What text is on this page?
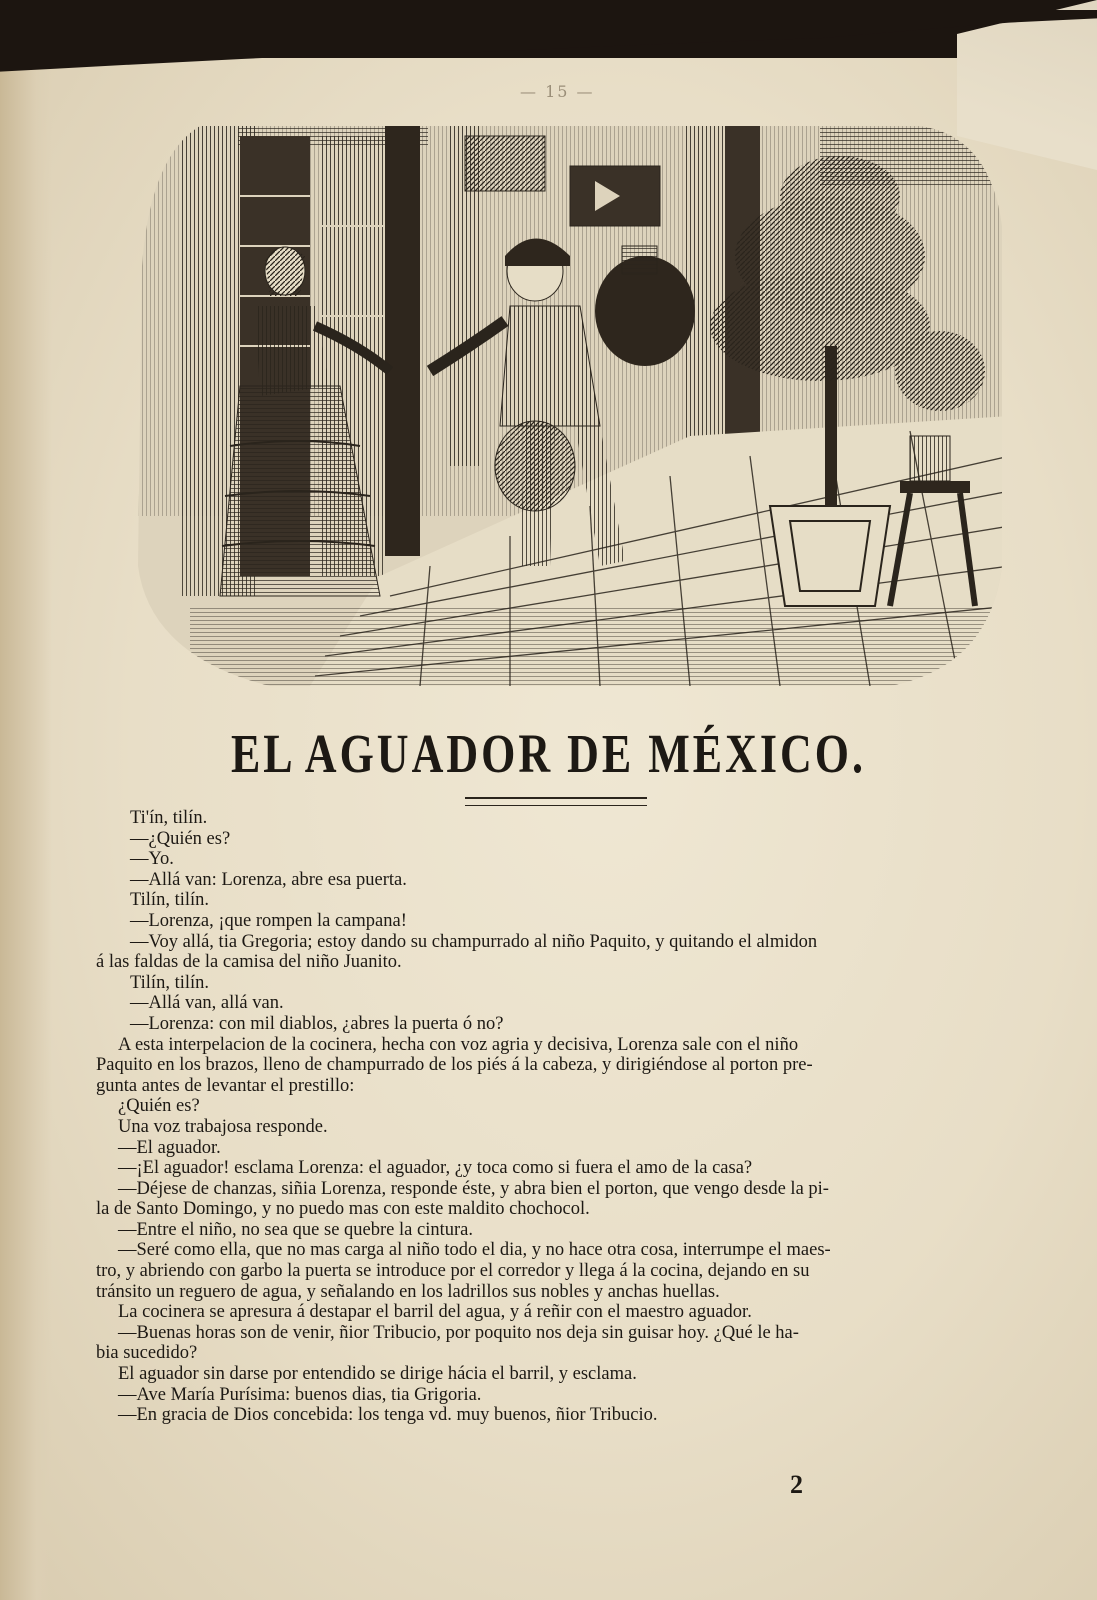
— 15 —
EL AGUADOR DE MÉXICO.
Ti'ín, tilín.
—¿Quién es?
—Yo.
—Allá van: Lorenza, abre esa puerta.
Tilín, tilín.
—Lorenza, ¡que rompen la campana!
—Voy allá, tia Gregoria; estoy dando su champurrado al niño Paquito, y quitando el almidon
á las faldas de la camisa del niño Juanito.
Tilín, tilín.
—Allá van, allá van.
—Lorenza: con mil diablos, ¿abres la puerta ó no?
A esta interpelacion de la cocinera, hecha con voz agria y decisiva, Lorenza sale con el niño
Paquito en los brazos, lleno de champurrado de los piés á la cabeza, y dirigiéndose al porton pre-
gunta antes de levantar el prestillo:
¿Quién es?
Una voz trabajosa responde.
—El aguador.
—¡El aguador! esclama Lorenza: el aguador, ¿y toca como si fuera el amo de la casa?
—Déjese de chanzas, siñia Lorenza, responde éste, y abra bien el porton, que vengo desde la pi-
la de Santo Domingo, y no puedo mas con este maldito chochocol.
—Entre el niño, no sea que se quebre la cintura.
—Seré como ella, que no mas carga al niño todo el dia, y no hace otra cosa, interrumpe el maes-
tro, y abriendo con garbo la puerta se introduce por el corredor y llega á la cocina, dejando en su
tránsito un reguero de agua, y señalando en los ladrillos sus nobles y anchas huellas.
La cocinera se apresura á destapar el barril del agua, y á reñir con el maestro aguador.
—Buenas horas son de venir, ñior Tribucio, por poquito nos deja sin guisar hoy. ¿Qué le ha-
bia sucedido?
El aguador sin darse por entendido se dirige hácia el barril, y esclama.
—Ave María Purísima: buenos dias, tia Grigoria.
—En gracia de Dios concebida: los tenga vd. muy buenos, ñior Tribucio.
2
